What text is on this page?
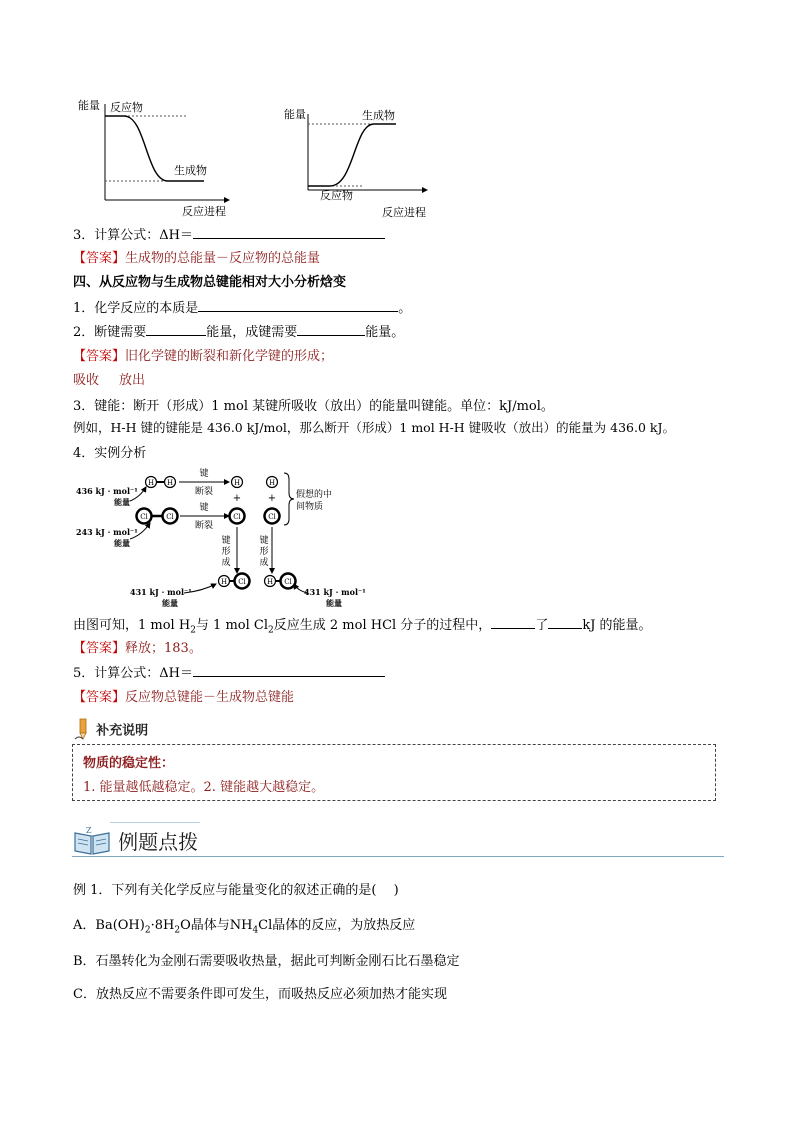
能量 反应物
生成物
反应进程
能量	生成物
反应物
反应进程
3．计算公式：ΔH＝
【答案】生成物的总能量－反应物的总能量
四、从反应物与生成物总键能相对大小分析焓变
1．化学反应的本质是	。
2．断键需要	能量，成键需要	能量。
【答案】旧化学键的断裂和新化学键的形成；
吸收 放出
3．键能：断开（形成）1 mol 某键所吸收（放出）的能量叫键能。单位：kJ/mol。
例如，H-H 键的键能是 436.0 kJ/mol，那么断开（形成）1 mol H-H 键吸收（放出）的能量为 436.0 kJ。
4．实例分析
H H
Cl	Cl
键
断裂
键
断裂
H	H
+	+
Cl	Cl
假想的中
间物质
436 kJ · mol⁻¹
能量
243 kJ · mol⁻¹
能量	键
形
成
键
形
成
H Cl	H Cl
431 kJ · mol⁻¹
能量
431 kJ · mol⁻¹
能量
由图可知，1 mol $H_2$与 1 mol $Cl_2$反应生成 2 mol HCl 分子的过程中，	了	kJ 的能量。
【答案】释放；183。
5．计算公式：ΔH＝
【答案】反应物总键能－生成物总键能
补充说明
物质的稳定性：
1. 能量越低越稳定。2. 键能越大越稳定。
Z 例题点拨
例 1．下列有关化学反应与能量变化的叙述正确的是(　 )
A．$Ba(OH)_2\cdot 8H_2O$晶体与$NH_4Cl$晶体的反应，为放热反应
B．石墨转化为金刚石需要吸收热量，据此可判断金刚石比石墨稳定
C．放热反应不需要条件即可发生，而吸热反应必须加热才能实现
